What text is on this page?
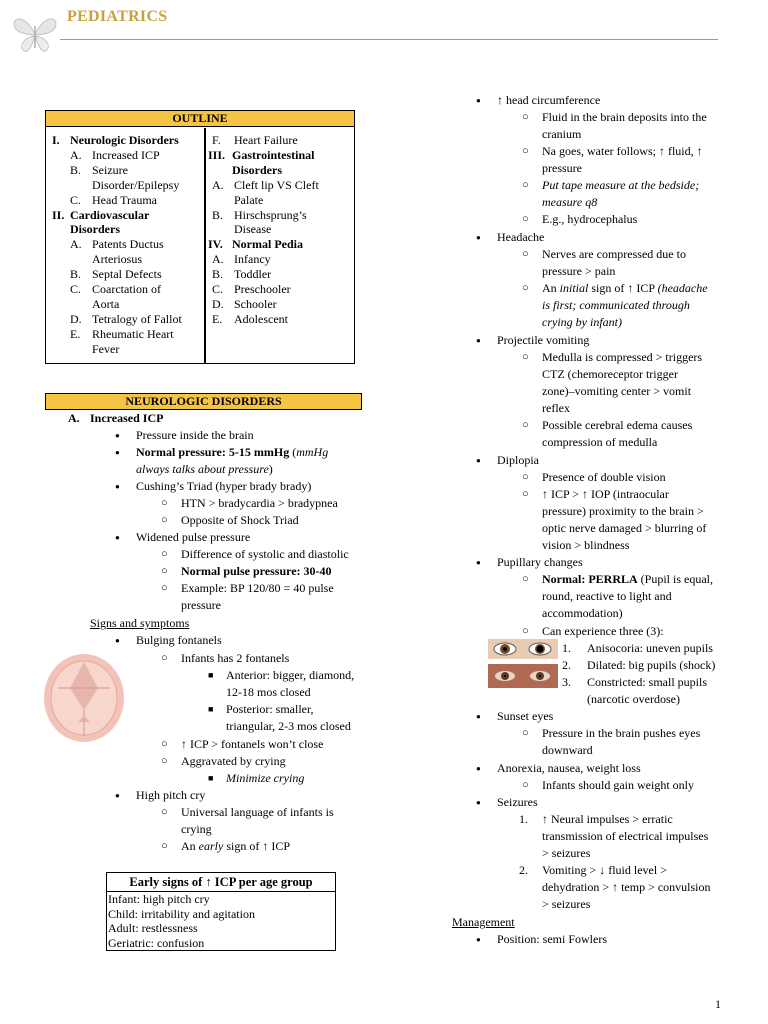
PEDIATRICS
OUTLINE
I. Neurologic Disorders
A. Increased ICP
B. Seizure
Disorder/Epilepsy
C. Head Trauma
II. Cardiovascular
Disorders
A. Patents Ductus
Arteriosus
B. Septal Defects
C. Coarctation of
Aorta
D. Tetralogy of Fallot
E. Rheumatic Heart
Fever
F. Heart Failure
III. Gastrointestinal
Disorders
A. Cleft lip VS Cleft
Palate
B. Hirschsprung’s
Disease
IV. Normal Pedia
A. Infancy
B. Toddler
C. Preschooler
D. Schooler
E. Adolescent
NEUROLOGIC DISORDERS
A. Increased ICP
● Pressure inside the brain
● Normal pressure: 5-15 mmHg (mmHg
always talks about pressure)
● Cushing’s Triad (hyper brady brady)
○ HTN > bradycardia > bradypnea
○ Opposite of Shock Triad
● Widened pulse pressure
○ Difference of systolic and diastolic
○ Normal pulse pressure: 30-40
○ Example: BP 120/80 = 40 pulse
pressure
Signs and symptoms
● Bulging fontanels
○ Infants has 2 fontanels
■ Anterior: bigger, diamond,
12-18 mos closed
■ Posterior: smaller,
triangular, 2-3 mos closed
○ ↑ ICP > fontanels won’t close
○ Aggravated by crying
■ Minimize crying
● High pitch cry
○ Universal language of infants is
crying
○ An early sign of ↑ ICP
Early signs of ↑ ICP per age group
Infant: high pitch cry
Child: irritability and agitation
Adult: restlessness
Geriatric: confusion
● ↑ head circumference
○ Fluid in the brain deposits into the
cranium
○ Na goes, water follows; ↑ fluid, ↑
pressure
○ Put tape measure at the bedside;
measure q8
○ E.g., hydrocephalus
● Headache
○ Nerves are compressed due to
pressure > pain
○ An initial sign of ↑ ICP (headache
is first; communicated through
crying by infant)
● Projectile vomiting
○ Medulla is compressed > triggers
CTZ (chemoreceptor trigger
zone)–vomiting center > vomit
reflex
○ Possible cerebral edema causes
compression of medulla
● Diplopia
○ Presence of double vision
○ ↑ ICP > ↑ IOP (intraocular
pressure) proximity to the brain >
optic nerve damaged > blurring of
vision > blindness
● Pupillary changes
○ Normal: PERRLA (Pupil is equal,
round, reactive to light and
accommodation)
○ Can experience three (3):
1. Anisocoria: uneven pupils
2. Dilated: big pupils (shock)
3. Constricted: small pupils
(narcotic overdose)
● Sunset eyes
○ Pressure in the brain pushes eyes
downward
● Anorexia, nausea, weight loss
○ Infants should gain weight only
● Seizures
1. ↑ Neural impulses > erratic
transmission of electrical impulses
> seizures
2. Vomiting > ↓ fluid level >
dehydration > ↑ temp > convulsion
> seizures
Management
● Position: semi Fowlers
1
